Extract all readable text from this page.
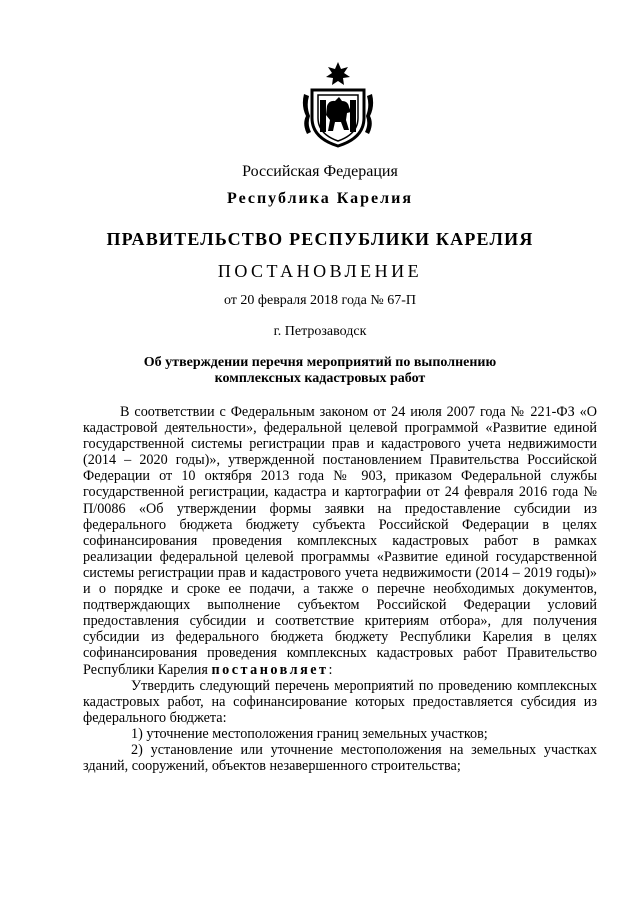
Российская Федерация
Республика Карелия
ПРАВИТЕЛЬСТВО РЕСПУБЛИКИ КАРЕЛИЯ
ПОСТАНОВЛЕНИЕ
от 20 февраля 2018 года № 67-П
г. Петрозаводск
Об утверждении перечня мероприятий по выполнению
комплексных кадастровых работ

В соответствии с Федеральным законом от 24 июля 2007 года № 221-ФЗ «О кадастровой деятельности», федеральной целевой программой «Развитие единой государственной системы регистрации прав и кадастрового учета недвижимости (2014 – 2020 годы)», утвержденной постановлением Правительства Российской Федерации от 10 октября 2013 года № 903, приказом Федеральной службы государственной регистрации, кадастра и картографии от 24 февраля 2016 года № П/0086 «Об утверждении формы заявки на предоставление субсидии из федерального бюджета бюджету субъекта Российской Федерации в целях софинансирования проведения комплексных кадастровых работ в рамках реализации федеральной целевой программы «Развитие единой государственной системы регистрации прав и кадастрового учета недвижимости (2014 – 2019 годы)» и о порядке и сроке ее подачи, а также о перечне необходимых документов, подтверждающих выполнение субъектом Российской Федерации условий предоставления субсидии и соответствие критериям отбора», для получения субсидии из федерального бюджета бюджету Республики Карелия в целях софинансирования проведения комплексных кадастровых работ Правительство Республики Карелия постановляет:

Утвердить следующий перечень мероприятий по проведению комплексных кадастровых работ, на софинансирование которых предоставляется субсидия из федерального бюджета:

1) уточнение местоположения границ земельных участков;

2) установление или уточнение местоположения на земельных участках зданий, сооружений, объектов незавершенного строительства;
